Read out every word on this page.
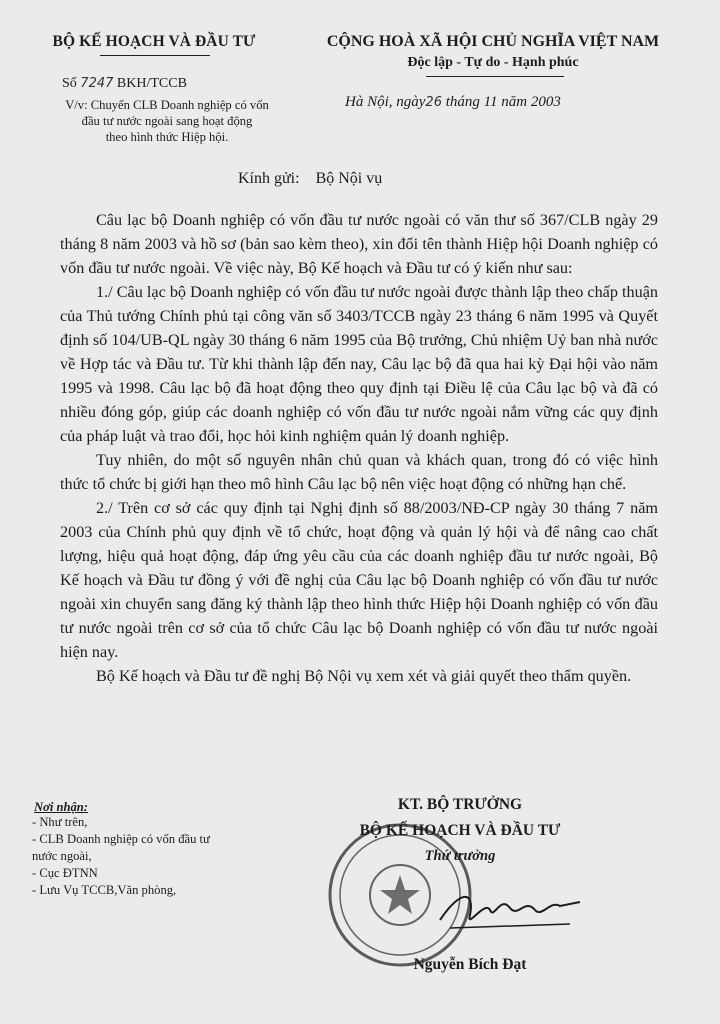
BỘ KẾ HOẠCH VÀ ĐẦU TƯ
Số 7247 BKH/TCCB
V/v: Chuyển CLB Doanh nghiệp có vốn
đầu tư nước ngoài sang hoạt động
theo hình thức Hiệp hội.
CỘNG HOÀ XÃ HỘI CHỦ NGHĨA VIỆT NAM
Độc lập - Tự do - Hạnh phúc
Hà Nội, ngày26 tháng 11 năm 2003
Kính gửi: Bộ Nội vụ

Câu lạc bộ Doanh nghiệp có vốn đầu tư nước ngoài có văn thư số 367/CLB ngày 29 tháng 8 năm 2003 và hồ sơ (bản sao kèm theo), xin đổi tên thành Hiệp hội Doanh nghiệp có vốn đầu tư nước ngoài. Về việc này, Bộ Kế hoạch và Đầu tư có ý kiến như sau:

1./ Câu lạc bộ Doanh nghiệp có vốn đầu tư nước ngoài được thành lập theo chấp thuận của Thủ tướng Chính phủ tại công văn số 3403/TCCB ngày 23 tháng 6 năm 1995 và Quyết định số 104/UB-QL ngày 30 tháng 6 năm 1995 của Bộ trưởng, Chủ nhiệm Uỷ ban nhà nước về Hợp tác và Đầu tư. Từ khi thành lập đến nay, Câu lạc bộ đã qua hai kỳ Đại hội vào năm 1995 và 1998. Câu lạc bộ đã hoạt động theo quy định tại Điều lệ của Câu lạc bộ và đã có nhiều đóng góp, giúp các doanh nghiệp có vốn đầu tư nước ngoài nắm vững các quy định của pháp luật và trao đổi, học hỏi kinh nghiệm quản lý doanh nghiệp.

Tuy nhiên, do một số nguyên nhân chủ quan và khách quan, trong đó có việc hình thức tổ chức bị giới hạn theo mô hình Câu lạc bộ nên việc hoạt động có những hạn chế.

2./ Trên cơ sở các quy định tại Nghị định số 88/2003/NĐ-CP ngày 30 tháng 7 năm 2003 của Chính phủ quy định về tổ chức, hoạt động và quản lý hội và để nâng cao chất lượng, hiệu quả hoạt động, đáp ứng yêu cầu của các doanh nghiệp đầu tư nước ngoài, Bộ Kế hoạch và Đầu tư đồng ý với đề nghị của Câu lạc bộ Doanh nghiệp có vốn đầu tư nước ngoài xin chuyển sang đăng ký thành lập theo hình thức Hiệp hội Doanh nghiệp có vốn đầu tư nước ngoài trên cơ sở của tổ chức Câu lạc bộ Doanh nghiệp có vốn đầu tư nước ngoài hiện nay.

Bộ Kế hoạch và Đầu tư đề nghị Bộ Nội vụ xem xét và giải quyết theo thẩm quyền.

Nơi nhận:
- Như trên,
- CLB Doanh nghiệp có vốn đầu tư nước ngoài,
- Cục ĐTNN
- Lưu Vụ TCCB,Văn phòng,
KT. BỘ TRƯỞNG
BỘ KẾ HOẠCH VÀ ĐẦU TƯ
Thứ trưởng
Nguyễn Bích Đạt
